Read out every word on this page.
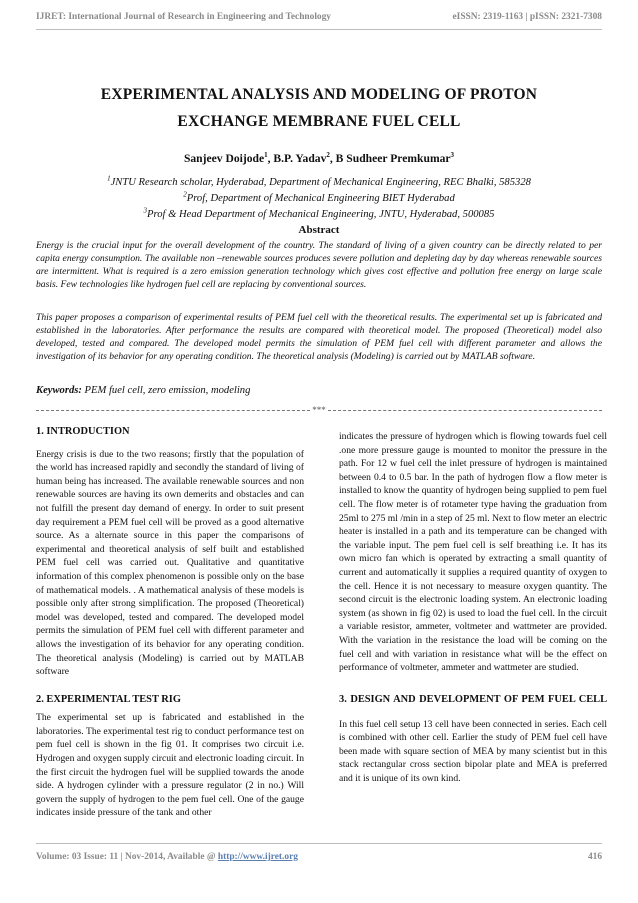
IJRET: International Journal of Research in Engineering and Technology	eISSN: 2319-1163 | pISSN: 2321-7308
EXPERIMENTAL ANALYSIS AND MODELING OF PROTON
EXCHANGE MEMBRANE FUEL CELL
Sanjeev Doijode$^1$, B.P. Yadav$^2$, B Sudheer Premkumar$^3$
$^1$JNTU Research scholar, Hyderabad, Department of Mechanical Engineering, REC Bhalki, 585328
$^2$Prof, Department of Mechanical Engineering BIET Hyderabad
$^3$Prof & Head Department of Mechanical Engineering, JNTU, Hyderabad, 500085
Abstract

Energy is the crucial input for the overall development of the country. The standard of living of a given country can be directly related to per capita energy consumption. The available non –renewable sources produces severe pollution and depleting day by day whereas renewable sources are intermittent. What is required is a zero emission generation technology which gives cost effective and pollution free energy on large scale basis. Few technologies like hydrogen fuel cell are replacing by conventional sources.

This paper proposes a comparison of experimental results of PEM fuel cell with the theoretical results. The experimental set up is fabricated and established in the laboratories. After performance the results are compared with theoretical model. The proposed (Theoretical) model also developed, tested and compared. The developed model permits the simulation of PEM fuel cell with different parameter and allows the investigation of its behavior for any operating condition. The theoretical analysis (Modeling) is carried out by MATLAB software.

Keywords: PEM fuel cell, zero emission, modeling
***
1. INTRODUCTION

Energy crisis is due to the two reasons; firstly that the population of the world has increased rapidly and secondly the standard of living of human being has increased. The available renewable sources and non renewable sources are having its own demerits and obstacles and can not fulfill the present day demand of energy. In order to suit present day requirement a PEM fuel cell will be proved as a good alternative source. As a alternate source in this paper the comparisons of experimental and theoretical analysis of self built and established PEM fuel cell was carried out. Qualitative and quantitative information of this complex phenomenon is possible only on the base of mathematical models. . A mathematical analysis of these models is possible only after strong simplification. The proposed (Theoretical) model was developed, tested and compared. The developed model permits the simulation of PEM fuel cell with different parameter and allows the investigation of its behavior for any operating condition. The theoretical analysis (Modeling) is carried out by MATLAB software

2. EXPERIMENTAL TEST RIG

The experimental set up is fabricated and established in the laboratories. The experimental test rig to conduct performance test on pem fuel cell is shown in the fig 01. It comprises two circuit i.e. Hydrogen and oxygen supply circuit and electronic loading circuit. In the first circuit the hydrogen fuel will be supplied towards the anode side. A hydrogen cylinder with a pressure regulator (2 in no.) Will govern the supply of hydrogen to the pem fuel cell. One of the gauge indicates inside pressure of the tank and other

indicates the pressure of hydrogen which is flowing towards fuel cell .one more pressure gauge is mounted to monitor the pressure in the path. For 12 w fuel cell the inlet pressure of hydrogen is maintained between 0.4 to 0.5 bar. In the path of hydrogen flow a flow meter is installed to know the quantity of hydrogen being supplied to pem fuel cell. The flow meter is of rotameter type having the graduation from 25ml to 275 ml /min in a step of 25 ml. Next to flow meter an electric heater is installed in a path and its temperature can be changed with the variable input. The pem fuel cell is self breathing i.e. It has its own micro fan which is operated by extracting a small quantity of current and automatically it supplies a required quantity of oxygen to the cell. Hence it is not necessary to measure oxygen quantity. The second circuit is the electronic loading system. An electronic loading system (as shown in fig 02) is used to load the fuel cell. In the circuit a variable resistor, ammeter, voltmeter and wattmeter are provided. With the variation in the resistance the load will be coming on the fuel cell and with variation in resistance what will be the effect on performance of voltmeter, ammeter and wattmeter are studied.

3. DESIGN AND DEVELOPMENT OF PEM FUEL CELL

In this fuel cell setup 13 cell have been connected in series. Each cell is combined with other cell. Earlier the study of PEM fuel cell have been made with square section of MEA by many scientist but in this stack rectangular cross section bipolar plate and MEA is preferred and it is unique of its own kind.

Volume: 03 Issue: 11 | Nov-2014, Available @ http://www.ijret.org	416
